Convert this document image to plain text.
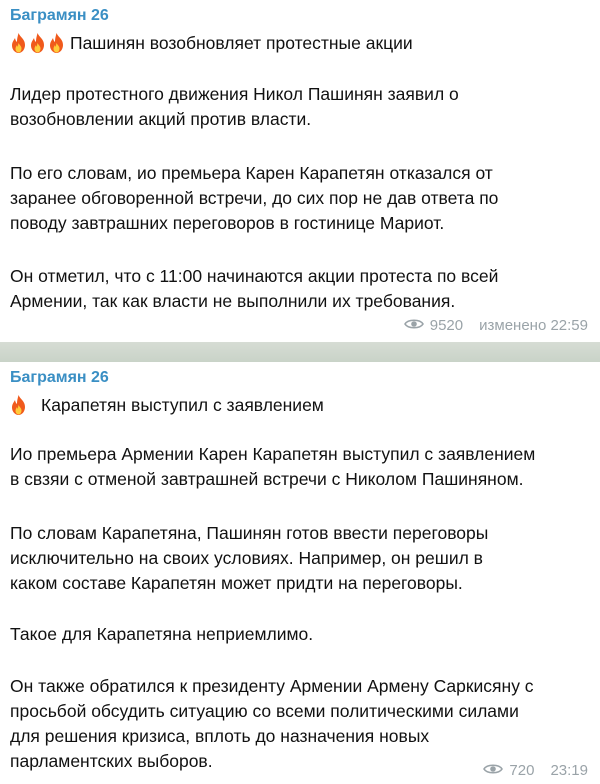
Баграмян 26
Пашинян возобновляет протестные акции

Лидер протестного движения Никол Пашинян заявил о
возобновлении акций против власти.

По его словам, ио премьера Карен Карапетян отказался от
заранее обговоренной встречи, до сих пор не дав ответа по
поводу завтрашних переговоров в гостинице Мариот.

Он отметил, что с 11:00 начинаются акции протеста по всей
Армении, так как власти не выполнили их требования.

9520 изменено 22:59
Баграмян 26
Карапетян выступил с заявлением

Ио премьера Армении Карен Карапетян выступил с заявлением
в свзяи с отменой завтрашней встречи с Николом Пашиняном.

По словам Карапетяна, Пашинян готов ввести переговоры
исключительно на своих условиях. Например, он решил в
каком составе Карапетян может придти на переговоры.

Такое для Карапетяна неприемлимо.

Он также обратился к президенту Армении Армену Саркисяну с
просьбой обсудить ситуацию со всеми политическими силами
для решения кризиса, вплоть до назначения новых
парламентских выборов.	720 23:19
